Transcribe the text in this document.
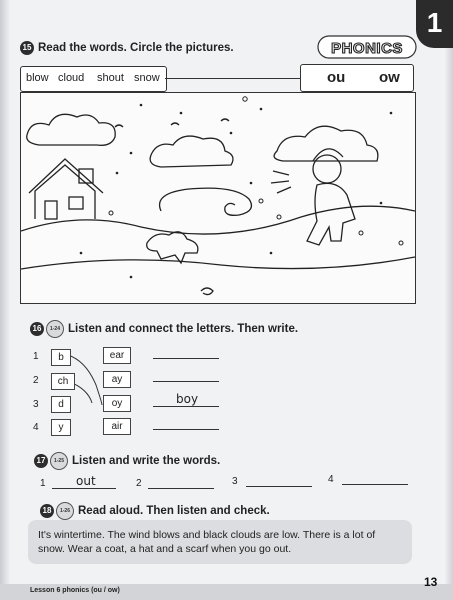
1
PHONICS
ou ow
15 Read the words. Circle the pictures.
blow cloud shout snow
16 1-24 Listen and connect the letters. Then write.
1	b	ear
2	ch	ay
3	d	oy	boy
4	y	air
17 1-25 Listen and write the words.
1	out	2	3	4
18 1-26 Read aloud. Then listen and check.

It's wintertime. The wind blows and black clouds are low. There is a lot of snow. Wear a coat, a hat and a scarf when you go out.

Lesson 6 phonics (ou / ow)
13
